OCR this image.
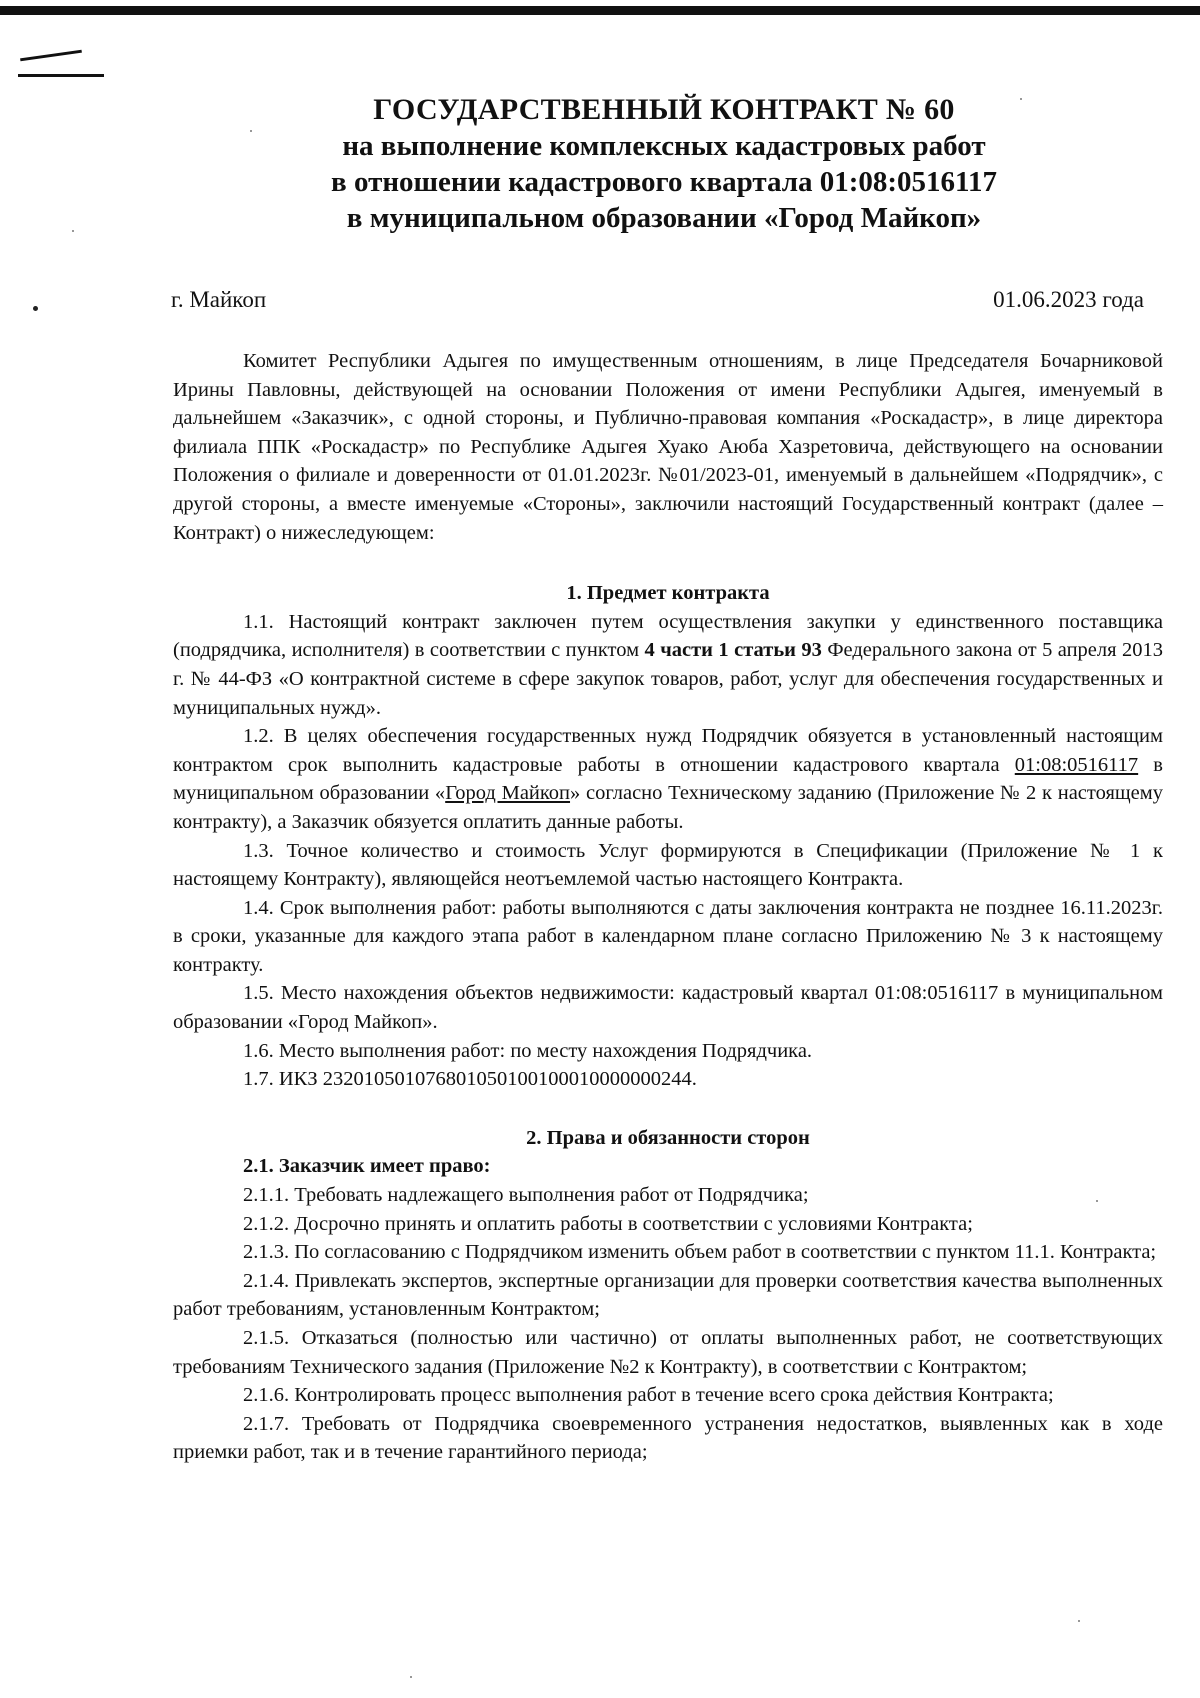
ГОСУДАРСТВЕННЫЙ КОНТРАКТ № 60
на выполнение комплексных кадастровых работ
в отношении кадастрового квартала 01:08:0516117
в муниципальном образовании «Город Майкоп»
г. Майкоп	01.06.2023 года

Комитет Республики Адыгея по имущественным отношениям, в лице Председателя Бочарниковой Ирины Павловны, действующей на основании Положения от имени Республики Адыгея, именуемый в дальнейшем «Заказчик», с одной стороны, и Публично-правовая компания «Роскадастр», в лице директора филиала ППК «Роскадастр» по Республике Адыгея Хуако Аюба Хазретовича, действующего на основании Положения о филиале и доверенности от 01.01.2023г. №01/2023-01, именуемый в дальнейшем «Подрядчик», с другой стороны, а вместе именуемые «Стороны», заключили настоящий Государственный контракт (далее – Контракт) о нижеследующем:

1. Предмет контракта

1.1. Настоящий контракт заключен путем осуществления закупки у единственного поставщика (подрядчика, исполнителя) в соответствии с пунктом 4 части 1 статьи 93 Федерального закона от 5 апреля 2013 г. № 44-ФЗ «О контрактной системе в сфере закупок товаров, работ, услуг для обеспечения государственных и муниципальных нужд».

1.2. В целях обеспечения государственных нужд Подрядчик обязуется в установленный настоящим контрактом срок выполнить кадастровые работы в отношении кадастрового квартала 01:08:0516117 в муниципальном образовании «Город Майкоп» согласно Техническому заданию (Приложение № 2 к настоящему контракту), а Заказчик обязуется оплатить данные работы.

1.3. Точное количество и стоимость Услуг формируются в Спецификации (Приложение № 1 к настоящему Контракту), являющейся неотъемлемой частью настоящего Контракта.

1.4. Срок выполнения работ: работы выполняются с даты заключения контракта не позднее 16.11.2023г. в сроки, указанные для каждого этапа работ в календарном плане согласно Приложению № 3 к настоящему контракту.

1.5. Место нахождения объектов недвижимости: кадастровый квартал 01:08:0516117 в муниципальном образовании «Город Майкоп».

1.6. Место выполнения работ: по месту нахождения Подрядчика.

1.7. ИКЗ 232010501076801050100100010000000244.

2. Права и обязанности сторон

2.1. Заказчик имеет право:

2.1.1. Требовать надлежащего выполнения работ от Подрядчика;

2.1.2. Досрочно принять и оплатить работы в соответствии с условиями Контракта;

2.1.3. По согласованию с Подрядчиком изменить объем работ в соответствии с пунктом 11.1. Контракта;

2.1.4. Привлекать экспертов, экспертные организации для проверки соответствия качества выполненных работ требованиям, установленным Контрактом;

2.1.5. Отказаться (полностью или частично) от оплаты выполненных работ, не соответствующих требованиям Технического задания (Приложение №2 к Контракту), в соответствии с Контрактом;

2.1.6. Контролировать процесс выполнения работ в течение всего срока действия Контракта;

2.1.7. Требовать от Подрядчика своевременного устранения недостатков, выявленных как в ходе приемки работ, так и в течение гарантийного периода;
